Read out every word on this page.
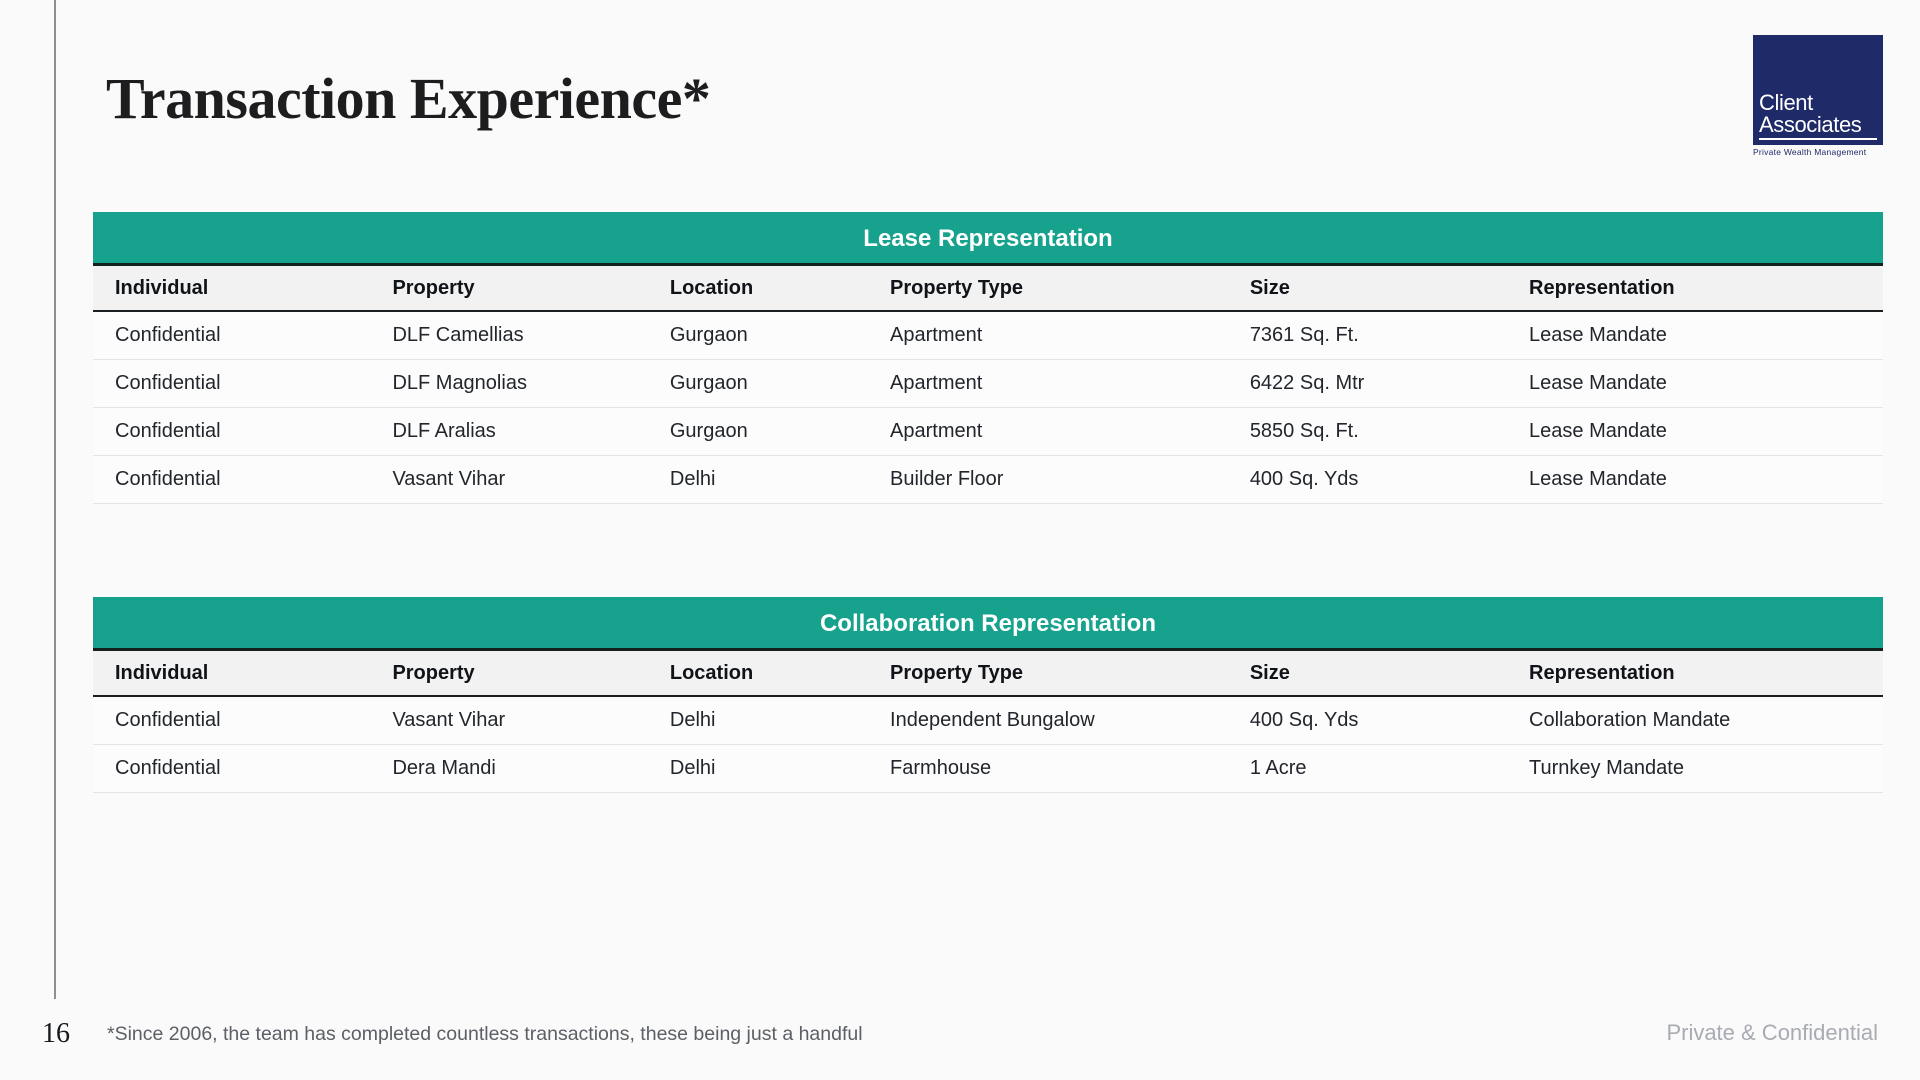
Transaction Experience*	Client
Associates
Private Wealth Management
Lease Representation
Individual	Property	Location	Property Type	Size	Representation
Confidential	DLF Camellias	Gurgaon	Apartment	7361 Sq. Ft.	Lease Mandate
Confidential	DLF Magnolias	Gurgaon	Apartment	6422 Sq. Mtr	Lease Mandate
Confidential	DLF Aralias	Gurgaon	Apartment	5850 Sq. Ft.	Lease Mandate
Confidential	Vasant Vihar	Delhi	Builder Floor	400 Sq. Yds	Lease Mandate
Collaboration Representation
Individual	Property	Location	Property Type	Size	Representation
Confidential	Vasant Vihar	Delhi	Independent Bungalow	400 Sq. Yds	Collaboration Mandate
Confidential	Dera Mandi	Delhi	Farmhouse	1 Acre	Turnkey Mandate
16 *Since 2006, the team has completed countless transactions, these being just a handful	Private & Confidential
